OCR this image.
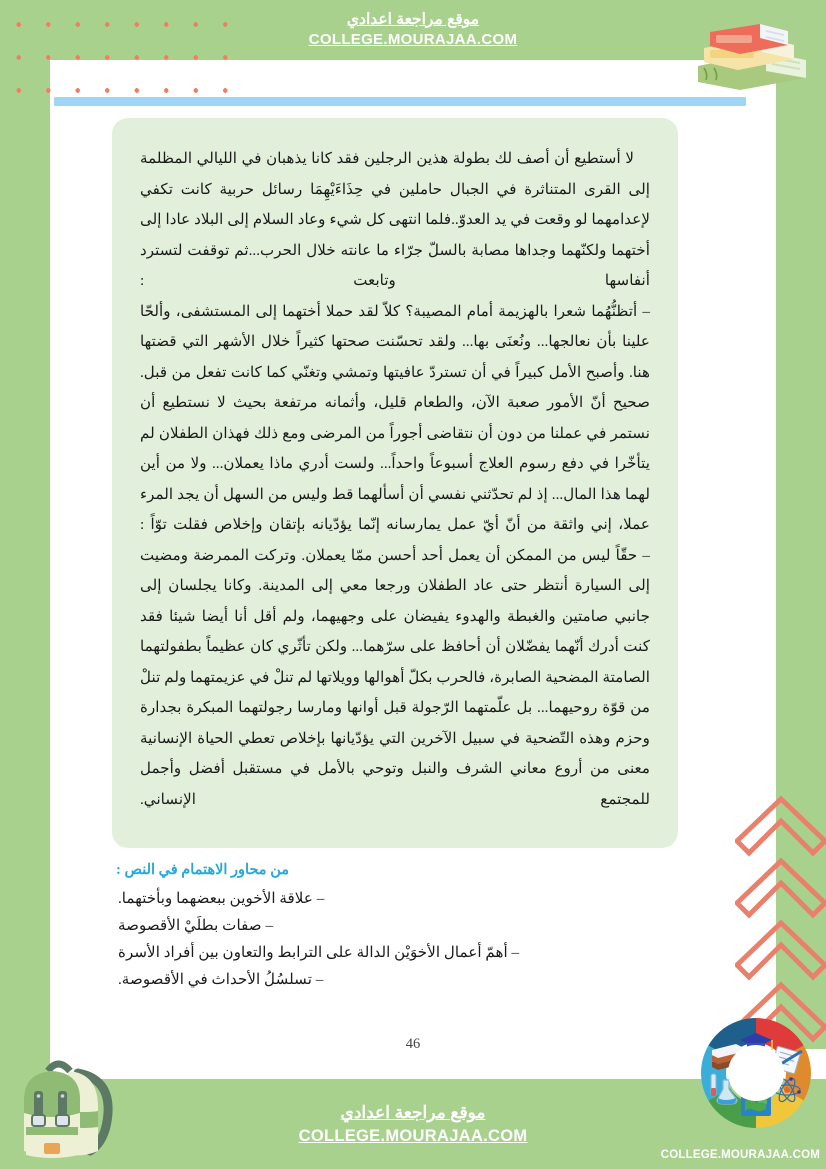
موقع مراجعة اعدادي
COLLEGE.MOURAJAA.COM

لا أستطيع أن أصف لك بطولة هذين الرجلين فقد كانا يذهبان في الليالي المظلمة إلى القرى المتناثرة في الجبال حاملين في حِذَاءَيْهِمَا رسائل حربية كانت تكفي لإعدامهما لو وقعت في يد العدوّ..فلما انتهى كل شيء وعاد السلام إلى البلاد عادا إلى أختهما ولكنّهما وجداها مصابة بالسلّ جرّاء ما عانته خلال الحرب...ثم توقفت لتسترد أنفاسها وتابعت :

– أتظنُّهُما شعرا بالهزيمة أمام المصيبة؟ كلاّ لقد حملا أختهما إلى المستشفى، وألحّا علينا بأن نعالجها... ونُعنَى بها... ولقد تحسّنت صحتها كثيراً خلال الأشهر التي قضتها هنا. وأصبح الأمل كبيراً في أن تستردّ عافيتها وتمشي وتغنّي كما كانت تفعل من قبل.

صحيح أنّ الأمور صعبة الآن، والطعام قليل، وأثمانه مرتفعة بحيث لا نستطيع أن نستمر في عملنا من دون أن نتقاضى أجوراً من المرضى ومع ذلك فهذان الطفلان لم يتأخّرا في دفع رسوم العلاج أسبوعاً واحداً... ولست أدري ماذا يعملان... ولا من أين لهما هذا المال... إذ لم تحدّثني نفسي أن أسألهما قط وليس من السهل أن يجد المرء عملا، إني واثقة من أنّ أيّ عمل يمارسانه إنّما يؤدّيانه بإتقان وإخلاص فقلت توّاً :

– حقّاً ليس من الممكن أن يعمل أحد أحسن ممّا يعملان. وتركت الممرضة ومضيت إلى السيارة أنتظر حتى عاد الطفلان ورجعا معي إلى المدينة. وكانا يجلسان إلى جانبي صامتين والغبطة والهدوء يفيضان على وجهيهما، ولم أقل أنا أيضا شيئا فقد كنت أدرك أنّهما يفضّلان أن أحافظ على سرّهما... ولكن تأثّري كان عظيماً بطفولتهما الصامتة المضحية الصابرة، فالحرب بكلّ أهوالها وويلاتها لم تنلْ في عزيمتهما ولم تنلْ من قوّة روحيهما... بل علّمتهما الرّجولة قبل أوانها ومارسا رجولتهما المبكرة بجدارة وحزم وهذه التّضحية في سبيل الآخرين التي يؤدّيانها بإخلاص تعطي الحياة الإنسانية معنى من أروع معاني الشرف والنبل وتوحي بالأمل في مستقبل أفضل وأجمل للمجتمع الإنساني.

من محاور الاهتمام في النص :
– علاقة الأخوين ببعضهما وبأختهما.
– صفات بطلَيْ الأقصوصة
– أهمّ أعمال الأخوَيْن الدالة على الترابط والتعاون بين أفراد الأسرة
– تسلسُلُ الأحداث في الأقصوصة.
46
موقع مراجعة اعدادي
COLLEGE.MOURAJAA.COM
COLLEGE.MOURAJAA.COM
